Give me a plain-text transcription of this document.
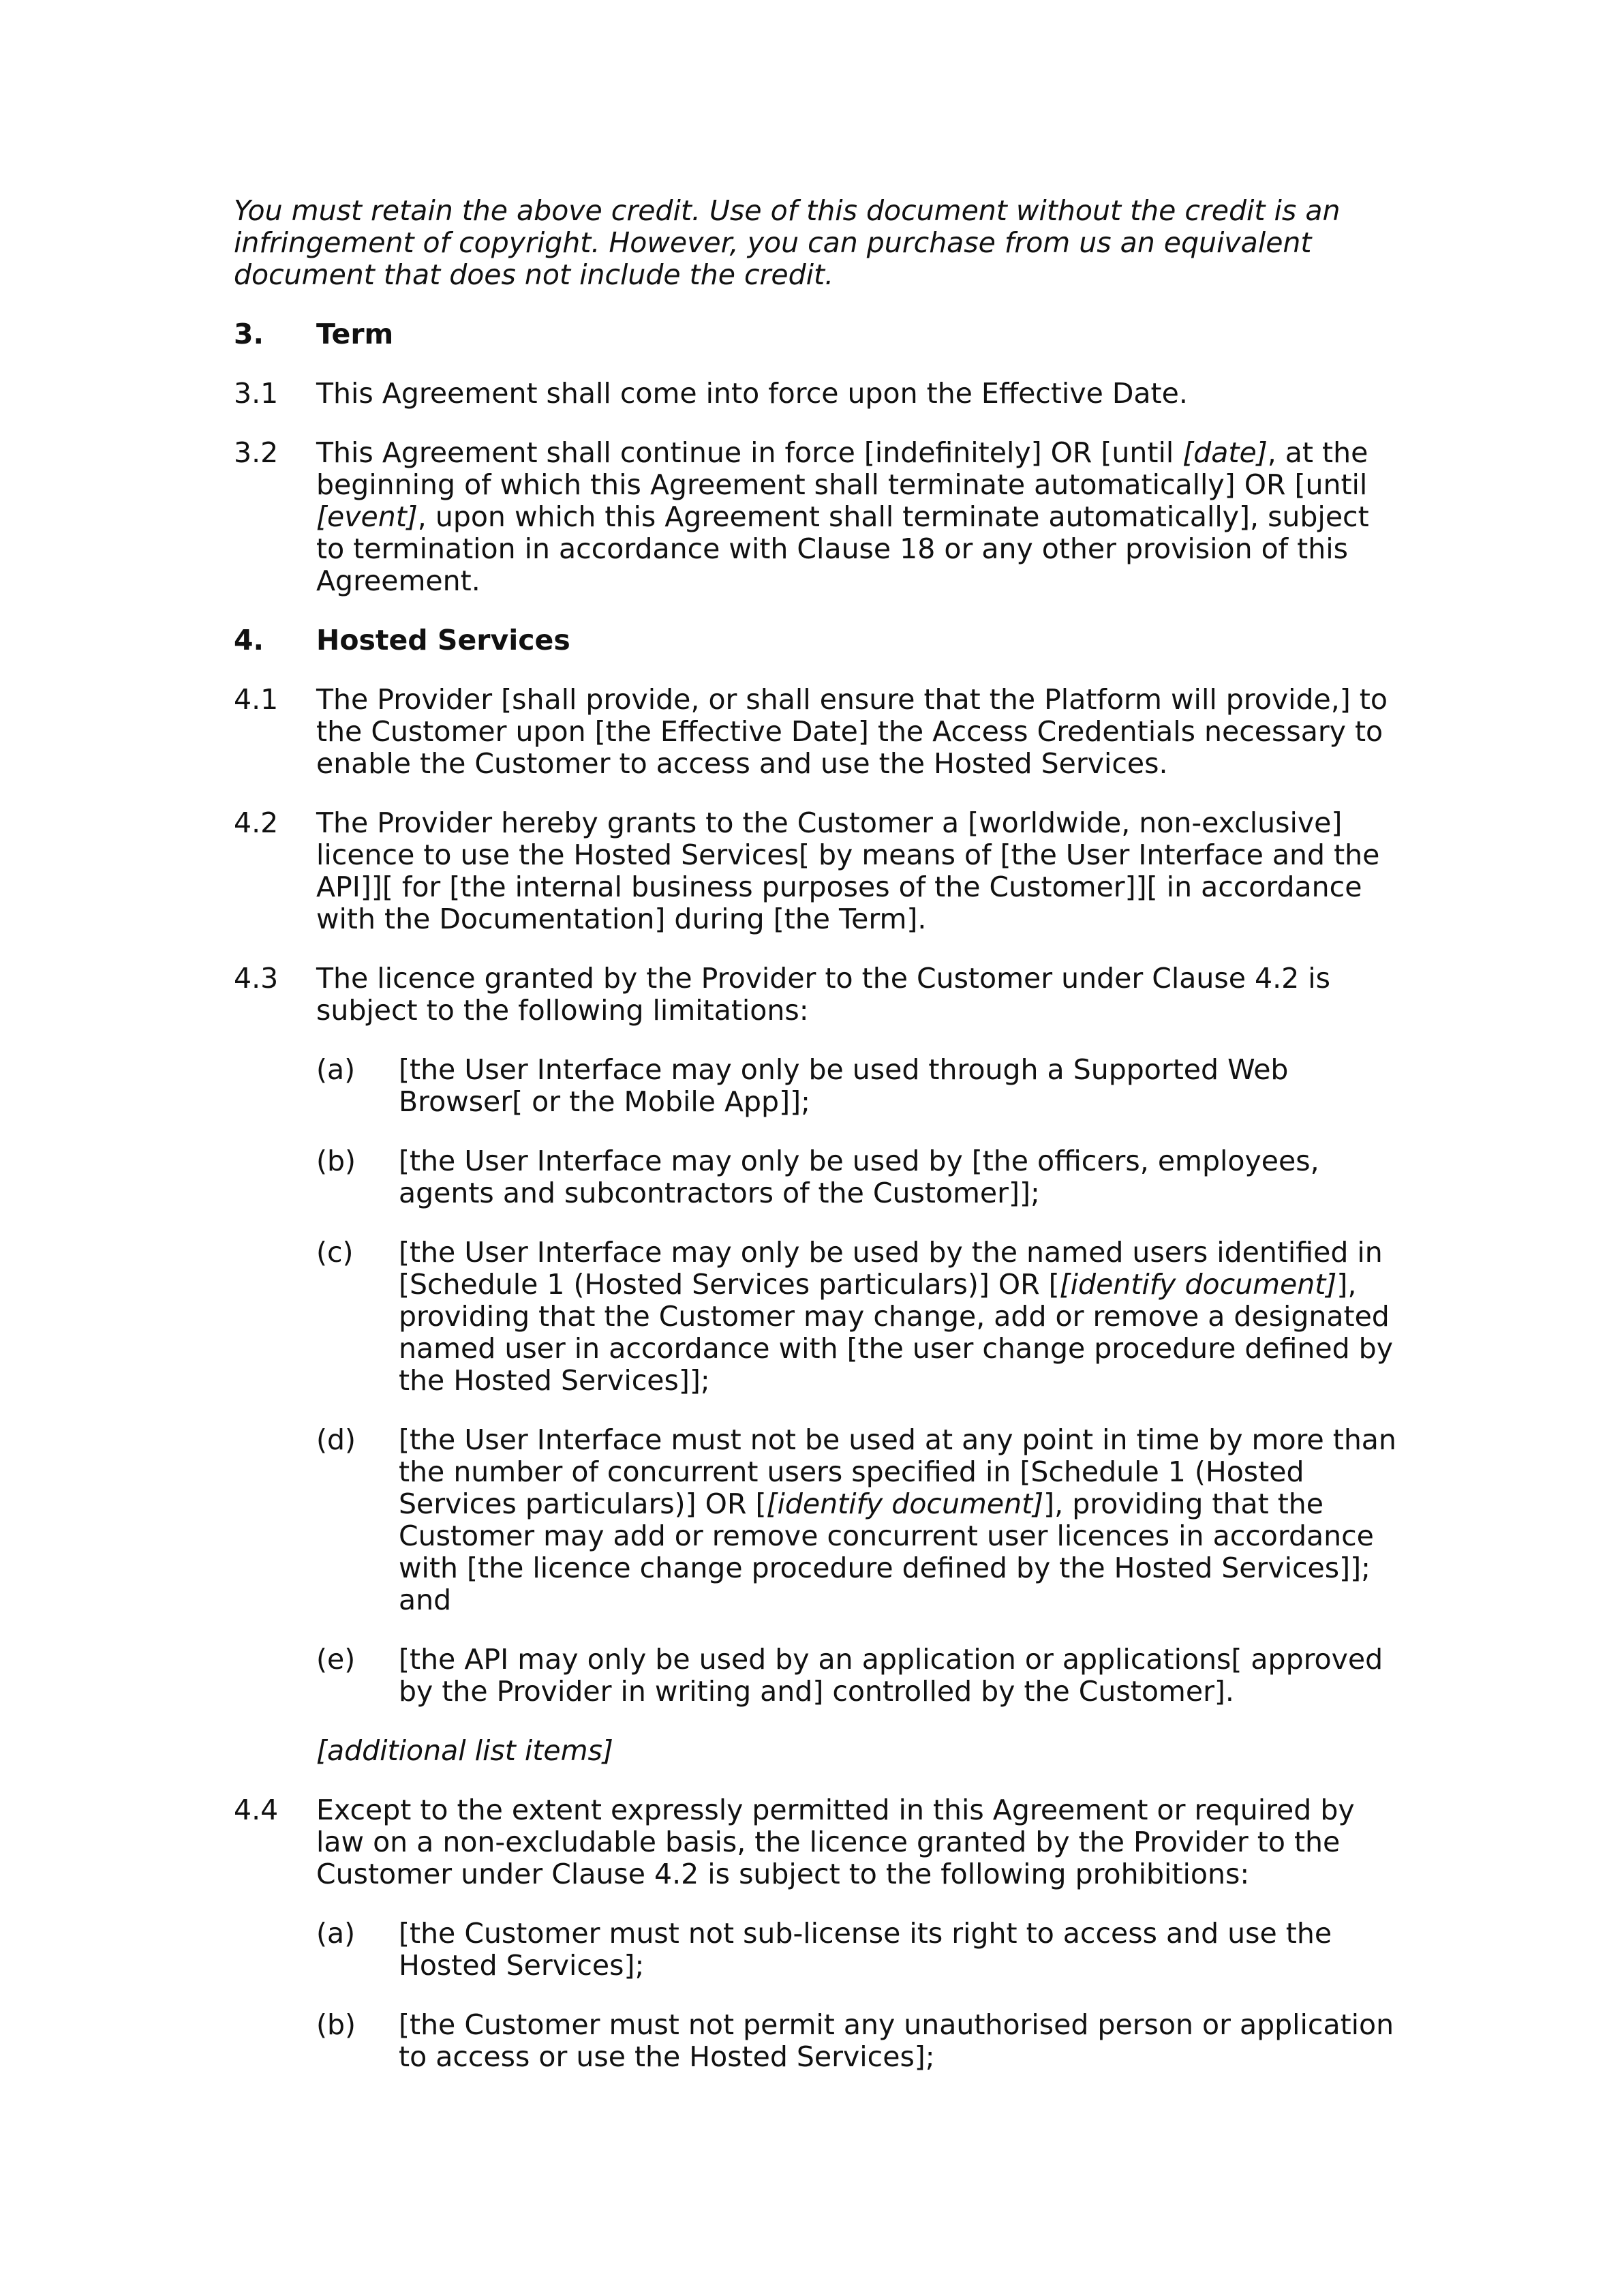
You must retain the above credit. Use of this document without the credit is an infringement of copyright. However, you can purchase from us an equivalent document that does not include the credit.

3.	Term
3.1	This Agreement shall come into force upon the Effective Date.
3.2	This Agreement shall continue in force [indefinitely] OR [until [date], at the beginning of which this Agreement shall terminate automatically] OR [until [event], upon which this Agreement shall terminate automatically], subject to termination in accordance with Clause 18 or any other provision of this Agreement.
4.	Hosted Services
4.1	The Provider [shall provide, or shall ensure that the Platform will provide,] to the Customer upon [the Effective Date] the Access Credentials necessary to enable the Customer to access and use the Hosted Services.
4.2	The Provider hereby grants to the Customer a [worldwide, non-exclusive] licence to use the Hosted Services[ by means of [the User Interface and the API]][ for [the internal business purposes of the Customer]][ in accordance with the Documentation] during [the Term].
4.3	The licence granted by the Provider to the Customer under Clause 4.2 is subject to the following limitations:
(a)	[the User Interface may only be used through a Supported Web Browser[ or the Mobile App]];
(b)	[the User Interface may only be used by [the officers, employees, agents and subcontractors of the Customer]];
(c)	[the User Interface may only be used by the named users identified in [Schedule 1 (Hosted Services particulars)] OR [[identify document]], providing that the Customer may change, add or remove a designated named user in accordance with [the user change procedure defined by the Hosted Services]];
(d)	[the User Interface must not be used at any point in time by more than the number of concurrent users specified in [Schedule 1 (Hosted Services particulars)] OR [[identify document]], providing that the Customer may add or remove concurrent user licences in accordance with [the licence change procedure defined by the Hosted Services]]; and
(e)	[the API may only be used by an application or applications[ approved by the Provider in writing and] controlled by the Customer].

[additional list items]

4.4	Except to the extent expressly permitted in this Agreement or required by law on a non-excludable basis, the licence granted by the Provider to the Customer under Clause 4.2 is subject to the following prohibitions:
(a)	[the Customer must not sub-license its right to access and use the Hosted Services];
(b)	[the Customer must not permit any unauthorised person or application to access or use the Hosted Services];
